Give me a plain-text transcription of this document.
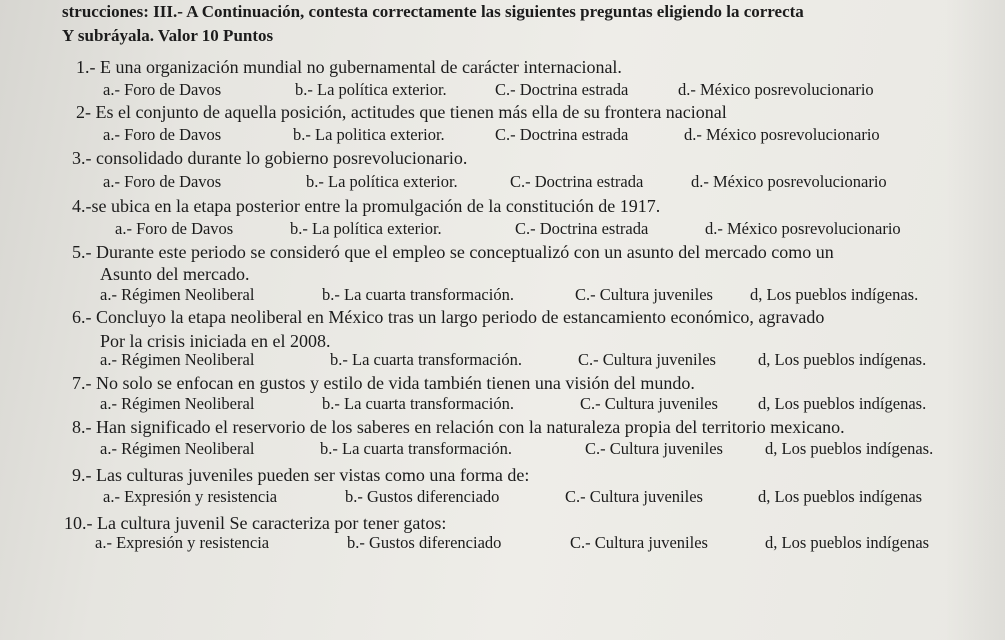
strucciones: III.- A Continuación, contesta correctamente las siguientes preguntas eligiendo la correcta
Y subráyala. Valor 10 Puntos
1.- E una organización mundial no gubernamental de carácter internacional.
a.- Foro de Davos	b.- La política exterior.	C.- Doctrina estrada	d.- México posrevolucionario
2- Es el conjunto de aquella posición, actitudes que tienen más ella de su frontera nacional
a.- Foro de Davos	b.- La politica exterior.	C.- Doctrina estrada	d.- México posrevolucionario
3.- consolidado durante lo gobierno posrevolucionario.
a.- Foro de Davos	b.- La política exterior.	C.- Doctrina estrada	d.- México posrevolucionario
4.-se ubica en la etapa posterior entre la promulgación de la constitución de 1917.
a.- Foro de Davos	b.- La política exterior.	C.- Doctrina estrada	d.- México posrevolucionario
5.- Durante este periodo se consideró que el empleo se conceptualizó con un asunto del mercado como un
Asunto del mercado.
a.- Régimen Neoliberal	b.- La cuarta transformación.	C.- Cultura juveniles d, Los pueblos indígenas.
6.- Concluyo la etapa neoliberal en México tras un largo periodo de estancamiento económico, agravado
Por la crisis iniciada en el 2008.
a.- Régimen Neoliberal	b.- La cuarta transformación.	C.- Cultura juveniles	d, Los pueblos indígenas.
7.- No solo se enfocan en gustos y estilo de vida también tienen una visión del mundo.
a.- Régimen Neoliberal	b.- La cuarta transformación.	C.- Cultura juveniles d, Los pueblos indígenas.
8.- Han significado el reservorio de los saberes en relación con la naturaleza propia del territorio mexicano.
a.- Régimen Neoliberal	b.- La cuarta transformación.	C.- Cultura juveniles	d, Los pueblos indígenas.
9.- Las culturas juveniles pueden ser vistas como una forma de:
a.- Expresión y resistencia	b.- Gustos diferenciado	C.- Cultura juveniles	d, Los pueblos indígenas
10.- La cultura juvenil Se caracteriza por tener gatos:
a.- Expresión y resistencia	b.- Gustos diferenciado	C.- Cultura juveniles	d, Los pueblos indígenas
